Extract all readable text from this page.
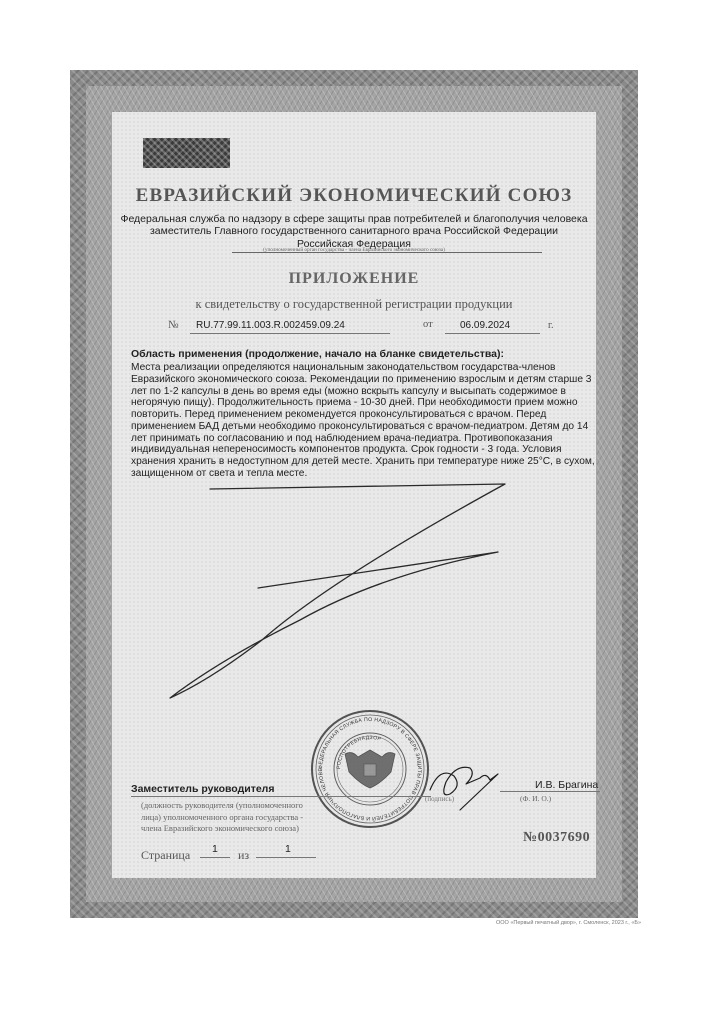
ЕВРАЗИЙСКИЙ ЭКОНОМИЧЕСКИЙ СОЮЗ
Федеральная служба по надзору в сфере защиты прав потребителей и благополучия человека
заместитель Главного государственного санитарного врача Российской Федерации
Российская Федерация
(уполномоченный орган государства - члена Евразийского экономического союза)
ПРИЛОЖЕНИЕ
к свидетельству о государственной регистрации продукции
№ RU.77.99.11.003.R.002459.09.24	от	06.09.2024	г.
Область применения (продолжение, начало на бланке свидетельства):
Места реализации определяются национальным законодательством государства-членов
Евразийского экономического союза. Рекомендации по применению взрослым и детям старше 3
лет по 1-2 капсулы в день во время еды (можно вскрыть капсулу и высыпать содержимое в
негорячую пищу). Продолжительность приема - 10-30 дней. При необходимости прием можно
повторить. Перед применением рекомендуется проконсультироваться с врачом. Перед
применением БАД детьми необходимо проконсультироваться с врачом-педиатром. Детям до 14
лет принимать по согласованию и под наблюдением врача-педиатра. Противопоказания
индивидуальная непереносимость компонентов продукта. Срок годности - 3 года. Условия
хранения хранить в недоступном для детей месте. Хранить при температуре ниже 25°С, в сухом,
защищенном от света и тепла месте.
ФЕДЕРАЛЬНАЯ СЛУЖБА ПО НАДЗОРУ В СФЕРЕ ЗАЩИТЫ ПРАВ ПОТРЕБИТЕЛЕЙ И БЛАГОПОЛУЧИЯ ЧЕЛОВЕ
РОСПОТРЕБНАДЗОР
Заместитель руководителя	И.В. Брагина
(Ф. И. О.)
(подпись)
(должность руководителя (уполномоченного
лица) уполномоченного органа государства -
члена Евразийского экономического союза)
Страница 1 из	1
№0037690
ООО «Первый печатный двор», г. Смоленск, 2023 г., «Б»
